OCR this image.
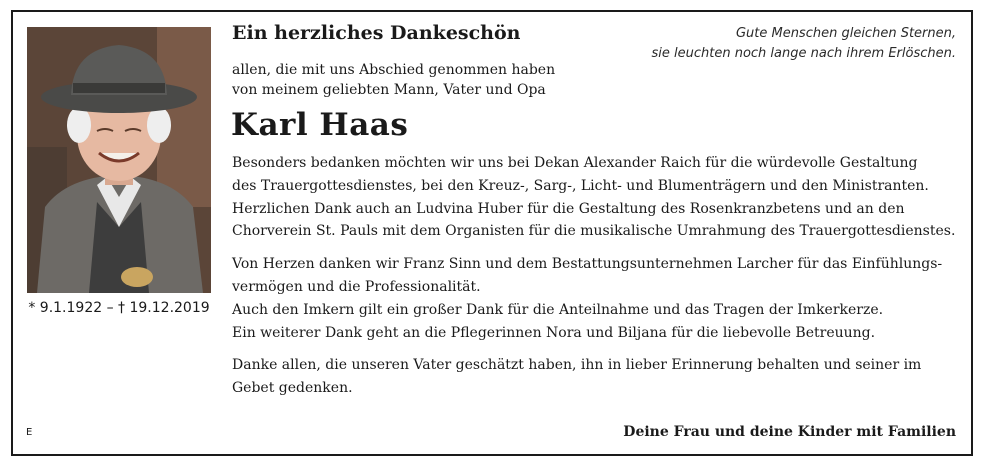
* 9.1.1922 – † 19.12.2019
Ein herzliches Dankeschön	Gute Menschen gleichen Sternen,
sie leuchten noch lange nach ihrem Erlöschen.
allen, die mit uns Abschied genommen haben
von meinem geliebten Mann, Vater und Opa
Karl Haas

Besonders bedanken möchten wir uns bei Dekan Alexander Raich für die würdevolle Gestaltung
des Trauergottesdienstes, bei den Kreuz-, Sarg-, Licht- und Blumenträgern und den Ministranten.
Herzlichen Dank auch an Ludvina Huber für die Gestaltung des Rosenkranzbetens und an den
Chorverein St. Pauls mit dem Organisten für die musikalische Umrahmung des Trauergottesdienstes.

Von Herzen danken wir Franz Sinn und dem Bestattungsunternehmen Larcher für das Einfühlungs-
vermögen und die Professionalität.
Auch den Imkern gilt ein großer Dank für die Anteilnahme und das Tragen der Imkerkerze.
Ein weiterer Dank geht an die Pflegerinnen Nora und Biljana für die liebevolle Betreuung.

Danke allen, die unseren Vater geschätzt haben, ihn in lieber Erinnerung behalten und seiner im
Gebet gedenken.

E	Deine Frau und deine Kinder mit Familien
